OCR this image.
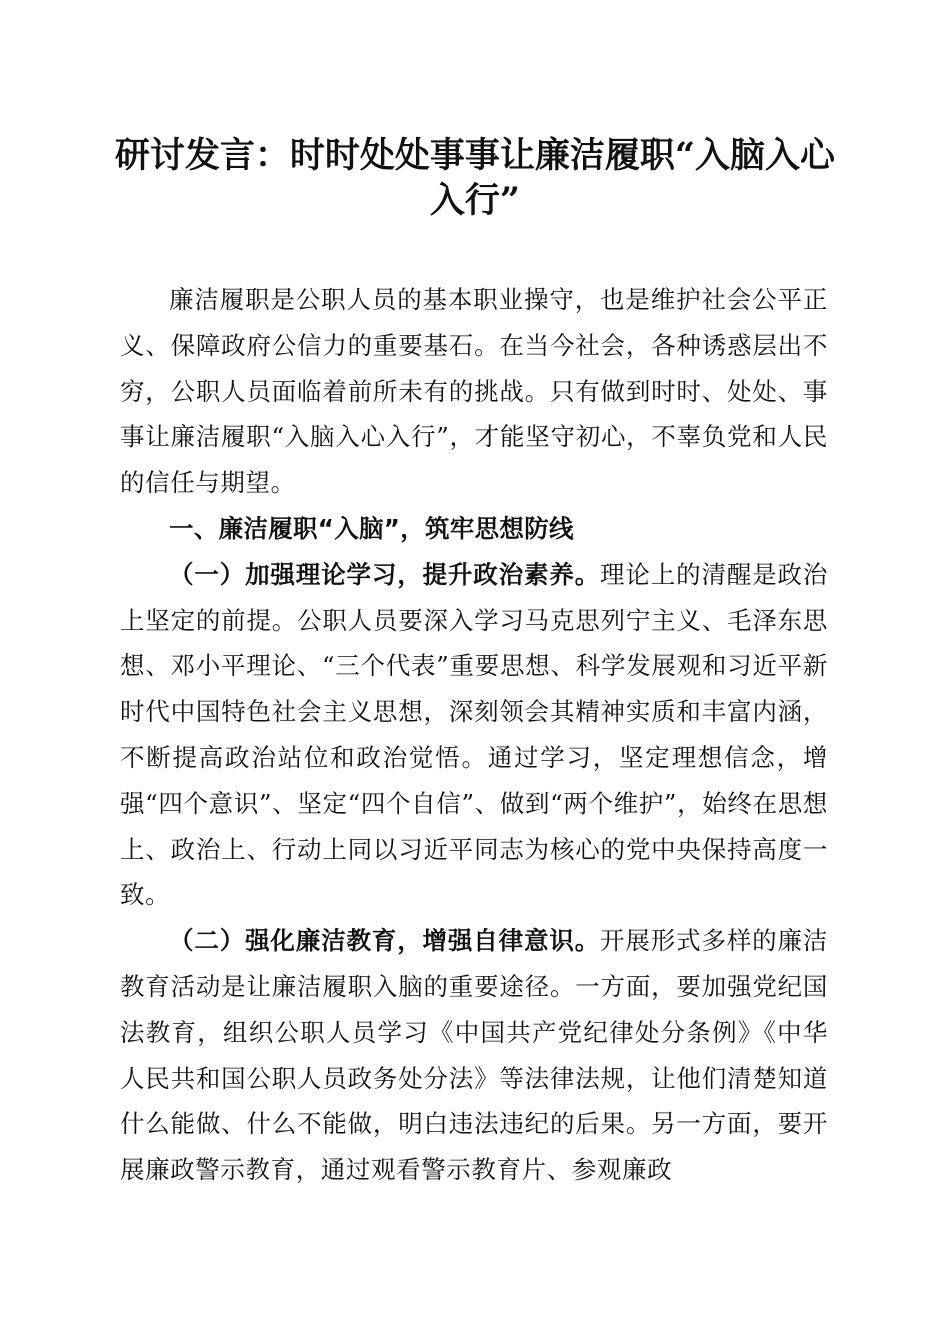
研讨发言：时时处处事事让廉洁履职“入脑入心入行”

廉洁履职是公职人员的基本职业操守，也是维护社会公平正义、保障政府公信力的重要基石。在当今社会，各种诱惑层出不穷，公职人员面临着前所未有的挑战。只有做到时时、处处、事事让廉洁履职“入脑入心入行”，才能坚守初心，不辜负党和人民的信任与期望。

一、廉洁履职“入脑”，筑牢思想防线

（一）加强理论学习，提升政治素养。理论上的清醒是政治上坚定的前提。公职人员要深入学习马克思列宁主义、毛泽东思想、邓小平理论、“三个代表”重要思想、科学发展观和习近平新时代中国特色社会主义思想，深刻领会其精神实质和丰富内涵，不断提高政治站位和政治觉悟。通过学习，坚定理想信念，增强“四个意识”、坚定“四个自信”、做到“两个维护”，始终在思想上、政治上、行动上同以习近平同志为核心的党中央保持高度一致。

（二）强化廉洁教育，增强自律意识。开展形式多样的廉洁教育活动是让廉洁履职入脑的重要途径。一方面，要加强党纪国法教育，组织公职人员学习《中国共产党纪律处分条例》《中华人民共和国公职人员政务处分法》等法律法规，让他们清楚知道什么能做、什么不能做，明白违法违纪的后果。另一方面，要开展廉政警示教育，通过观看警示教育片、参观廉政
